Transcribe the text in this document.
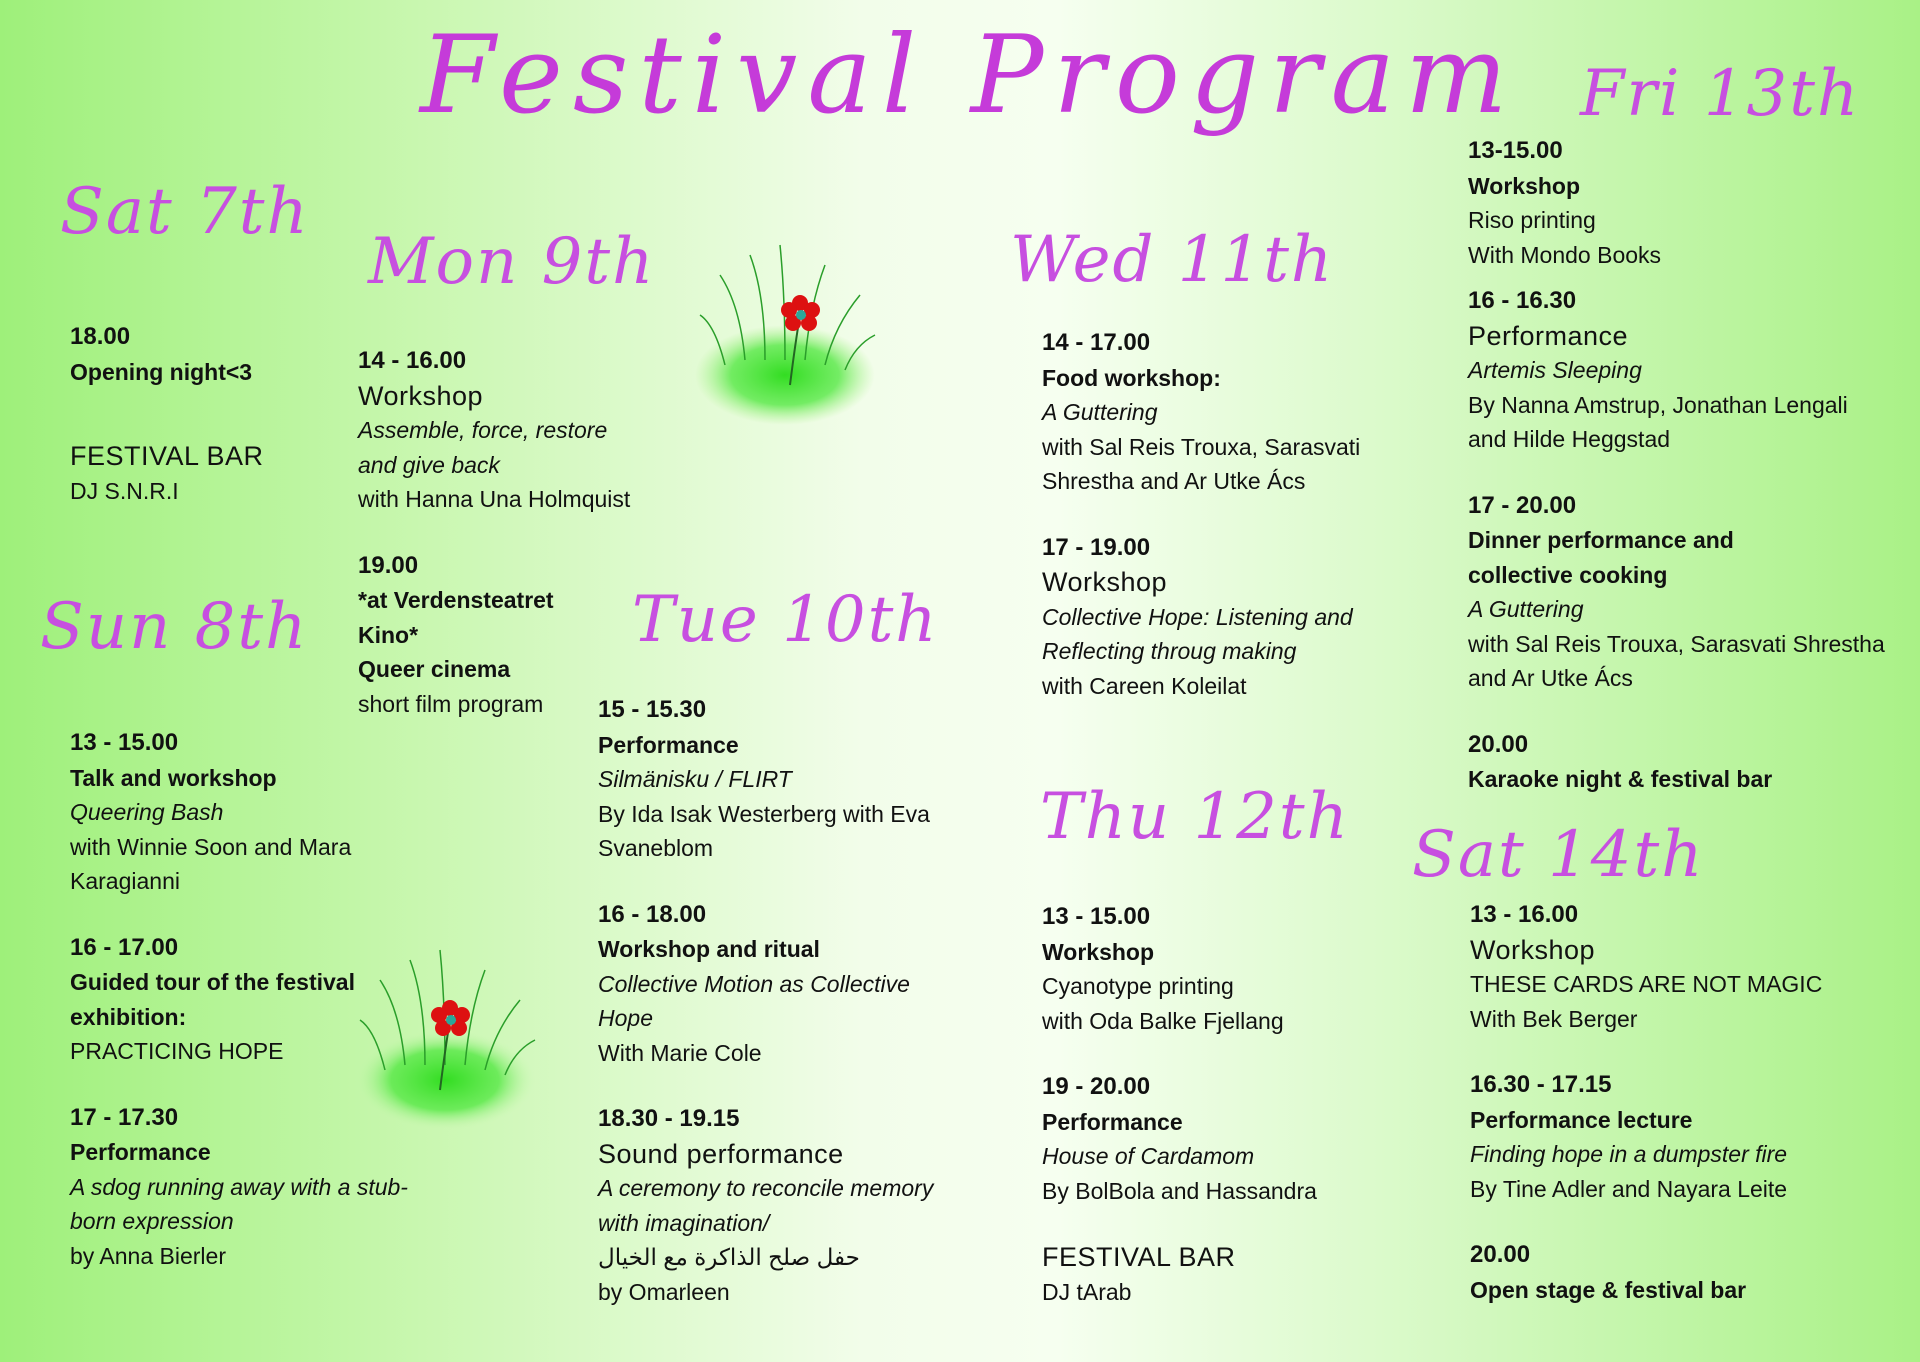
Festival Program
Sat 7th
Sun 8th
Mon 9th
Tue 10th
Wed 11th
Thu 12th
Fri 13th
Sat 14th
18.00
Opening night<3
FESTIVAL BAR
DJ S.N.R.I
13 - 15.00
Talk and workshop
Queering Bash
with Winnie Soon and Mara
Karagianni
16 - 17.00
Guided tour of the festival
exhibition:
PRACTICING HOPE
17 - 17.30
Performance
A sdog running away with a stub-
born expression
by Anna Bierler
14 - 16.00
Workshop
Assemble, force, restore
and give back
with Hanna Una Holmquist
19.00
*at Verdensteatret
Kino*
Queer cinema
short film program	15 - 15.30
Performance
Silmänisku / FLIRT
By Ida Isak Westerberg with Eva
Svaneblom
16 - 18.00
Workshop and ritual
Collective Motion as Collective
Hope
With Marie Cole
18.30 - 19.15
Sound performance
A ceremony to reconcile memory
with imagination/
حفل صلح الذاكرة مع الخيال
by Omarleen
14 - 17.00
Food workshop:
A Guttering
with Sal Reis Trouxa, Sarasvati
Shrestha and Ar Utke Ács
17 - 19.00
Workshop
Collective Hope: Listening and
Reflecting throug making
with Careen Koleilat
13 - 15.00
Workshop
Cyanotype printing
with Oda Balke Fjellang
19 - 20.00
Performance
House of Cardamom
By BolBola and Hassandra
FESTIVAL BAR
DJ tArab
13-15.00
Workshop
Riso printing
With Mondo Books
16 - 16.30
Performance
Artemis Sleeping
By Nanna Amstrup, Jonathan Lengali
and Hilde Heggstad
17 - 20.00
Dinner performance and
collective cooking
A Guttering
with Sal Reis Trouxa, Sarasvati Shrestha
and Ar Utke Ács
20.00
Karaoke night & festival bar
13 - 16.00
Workshop
THESE CARDS ARE NOT MAGIC
With Bek Berger
16.30 - 17.15
Performance lecture
Finding hope in a dumpster fire
By Tine Adler and Nayara Leite
20.00
Open stage & festival bar
